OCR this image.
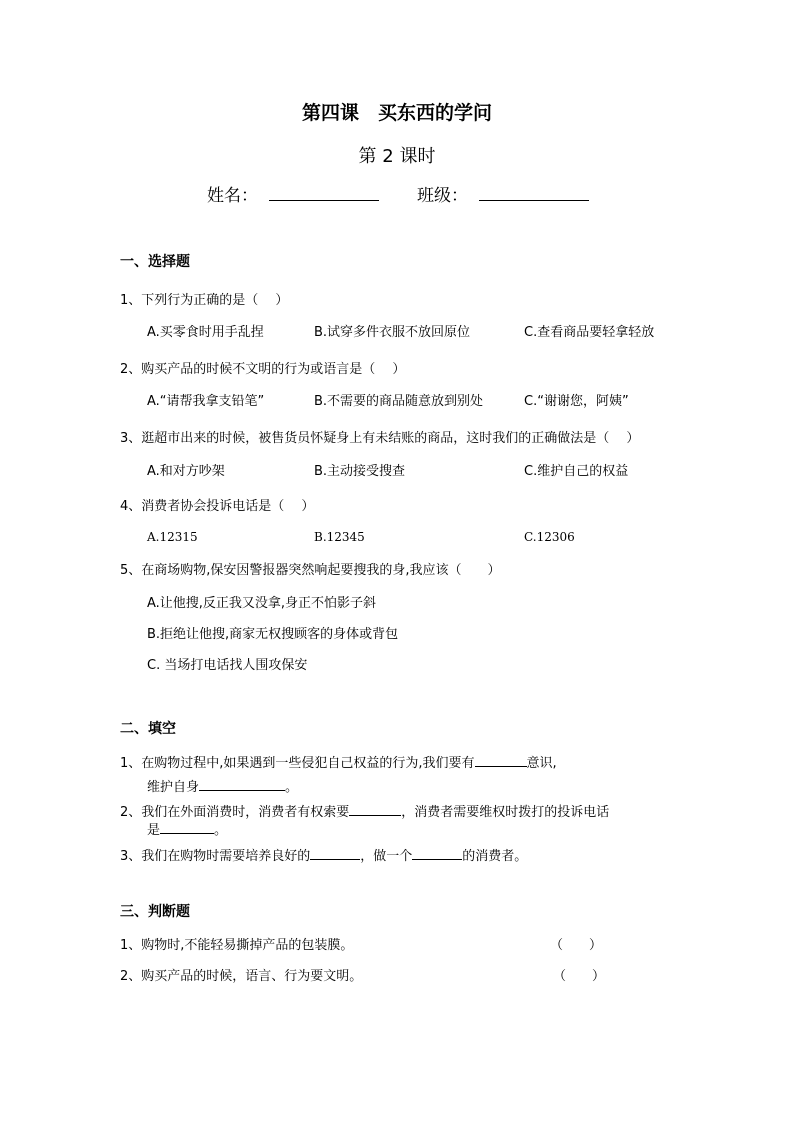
第四课　买东西的学问
第 2 课时
姓名：	班级：
一、选择题
1、下列行为正确的是（　 ）
A.买零食时用手乱捏	B.试穿多件衣服不放回原位	C.查看商品要轻拿轻放
2、购买产品的时候不文明的行为或语言是（　 ）
A.“请帮我拿支铅笔”	B.不需要的商品随意放到别处	C.“谢谢您，阿姨”
3、逛超市出来的时候，被售货员怀疑身上有未结账的商品，这时我们的正确做法是（　 ）
A.和对方吵架	B.主动接受搜查	C.维护自己的权益
4、消费者协会投诉电话是（　 ）
A.12315	B.12345	C.12306
5、在商场购物,保安因警报器突然响起要搜我的身,我应该（　　）
A.让他搜,反正我又没拿,身正不怕影子斜
B.拒绝让他搜,商家无权搜顾客的身体或背包
C. 当场打电话找人围攻保安
二、填空
1、在购物过程中,如果遇到一些侵犯自己权益的行为,我们要有	意识,
维护自身	。
2、我们在外面消费时，消费者有权索要	，消费者需要维权时拨打的投诉电话
是	。
3、我们在购物时需要培养良好的	，做一个	的消费者。
三、判断题
1、购物时,不能轻易撕掉产品的包装膜。	（　　）
2、购买产品的时候，语言、行为要文明。	（　　）
